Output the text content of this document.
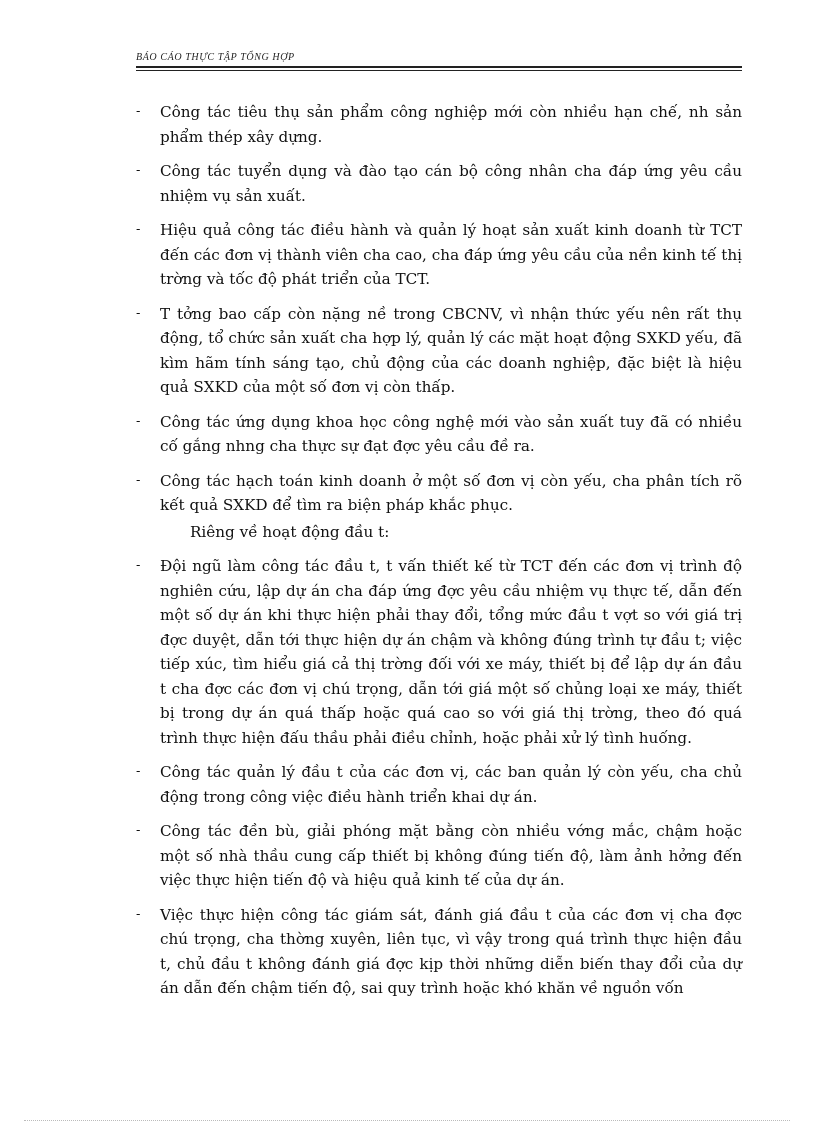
BÁO CÁO THỰC TẬP TỔNG HỢP
- Công tác tiêu thụ sản phẩm công nghiệp mới còn nhiều hạn chế, nh sản phẩm thép xây dựng.
- Công tác tuyển dụng và đào tạo cán bộ công nhân cha đáp ứng yêu cầu nhiệm vụ sản xuất.
- Hiệu quả công tác điều hành và quản lý hoạt sản xuất kinh doanh từ TCT đến các đơn vị thành viên cha cao, cha đáp ứng yêu cầu của nền kinh tế thị trờng và tốc độ phát triển của TCT.
- T tởng bao cấp còn nặng nề trong CBCNV, vì nhận thức yếu nên rất thụ động, tổ chức sản xuất cha hợp lý, quản lý các mặt hoạt động SXKD yếu, đã kìm hãm tính sáng tạo, chủ động của các doanh nghiệp, đặc biệt là hiệu quả SXKD của một số đơn vị còn thấp.
- Công tác ứng dụng khoa học công nghệ mới vào sản xuất tuy đã có nhiều cố gắng nhng cha thực sự đạt đợc yêu cầu đề ra.
- Công tác hạch toán kinh doanh ở một số đơn vị còn yếu, cha phân tích rõ kết quả SXKD để tìm ra biện pháp khắc phục.
Riêng về hoạt động đầu t:
- Đội ngũ làm công tác đầu t, t vấn thiết kế từ TCT đến các đơn vị trình độ nghiên cứu, lập dự án cha đáp ứng đợc yêu cầu nhiệm vụ thực tế, dẫn đến một số dự án khi thực hiện phải thay đổi, tổng mức đầu t vợt so với giá trị đợc duyệt, dẫn tới thực hiện dự án chậm và không đúng trình tự đầu t; việc tiếp xúc, tìm hiểu giá cả thị trờng đối với xe máy, thiết bị để lập dự án đầu t cha đợc các đơn vị chú trọng, dẫn tới giá một số chủng loại xe máy, thiết bị trong dự án quá thấp hoặc quá cao so với giá thị trờng, theo đó quá trình thực hiện đấu thầu phải điều chỉnh, hoặc phải xử lý tình huống.
- Công tác quản lý đầu t của các đơn vị, các ban quản lý còn yếu, cha chủ động trong công việc điều hành triển khai dự án.
- Công tác đền bù, giải phóng mặt bằng còn nhiều vớng mắc, chậm hoặc một số nhà thầu cung cấp thiết bị không đúng tiến độ, làm ảnh hởng đến việc thực hiện tiến độ và hiệu quả kinh tế của dự án.
- Việc thực hiện công tác giám sát, đánh giá đầu t của các đơn vị cha đợc chú trọng, cha thờng xuyên, liên tục, vì vậy trong quá trình thực hiện đầu t, chủ đầu t không đánh giá đợc kịp thời những diễn biến thay đổi của dự án dẫn đến chậm tiến độ, sai quy trình hoặc khó khăn về nguồn vốn
